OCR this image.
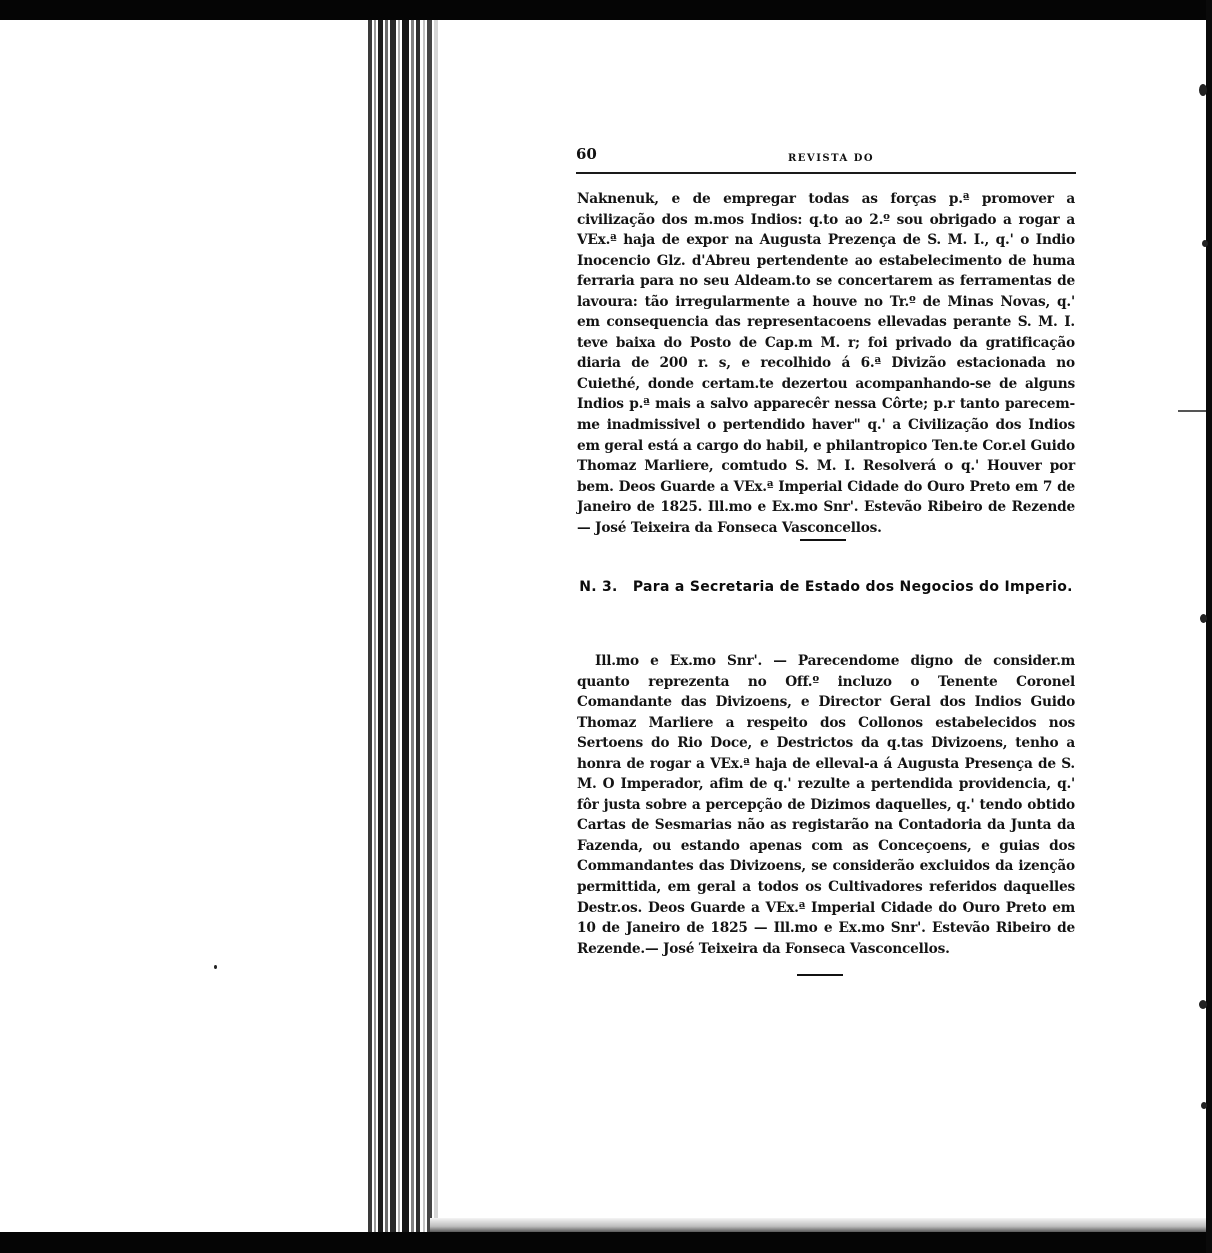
60	REVISTA DO

Naknenuk, e de empregar todas as forças p.ª promover a civilização dos m.mos Indios: q.to ao 2.º sou obrigado a rogar a VEx.ª haja de expor na Augusta Prezença de S. M. I., q.' o Indio Inocencio Glz. d'Abreu pertendente ao estabelecimento de huma ferraria para no seu Aldeam.to se concertarem as ferramentas de lavoura: tão irregularmente a houve no Tr.º de Minas Novas, q.' em consequencia das representacoens ellevadas perante S. M. I. teve baixa do Posto de Cap.m M. r; foi privado da gratificação diaria de 200 r. s, e recolhido á 6.ª Divizão estacionada no Cuiethé, donde certam.te dezertou acompanhando-se de alguns Indios p.ª mais a salvo apparecêr nessa Côrte; p.r tanto parecem-me inadmissivel o pertendido haver" q.' a Civilização dos Indios em geral está a cargo do habil, e philantropico Ten.te Cor.el Guido Thomaz Marliere, comtudo S. M. I. Resolverá o q.' Houver por bem. Deos Guarde a VEx.ª Imperial Cidade do Ouro Preto em 7 de Janeiro de 1825. Ill.mo e Ex.mo Snr'. Estevão Ribeiro de Rezende — José Teixeira da Fonseca Vasconcellos.

N. 3. Para a Secretaria de Estado dos Negocios do Imperio.

Ill.mo e Ex.mo Snr'. — Parecendome digno de consider.m quanto reprezenta no Off.º incluzo o Tenente Coronel Comandante das Divizoens, e Director Geral dos Indios Guido Thomaz Marliere a respeito dos Collonos estabelecidos nos Sertoens do Rio Doce, e Destrictos da q.tas Divizoens, tenho a honra de rogar a VEx.ª haja de elleval-a á Augusta Presença de S. M. O Imperador, afim de q.' rezulte a pertendida providencia, q.' fôr justa sobre a percepção de Dizimos daquelles, q.' tendo obtido Cartas de Sesmarias não as registarão na Contadoria da Junta da Fazenda, ou estando apenas com as Conceçoens, e guias dos Commandantes das Divizoens, se considerão excluidos da izenção permittida, em geral a todos os Cultivadores referidos daquelles Destr.os. Deos Guarde a VEx.ª Imperial Cidade do Ouro Preto em 10 de Janeiro de 1825 — Ill.mo e Ex.mo Snr'. Estevão Ribeiro de Rezende.— José Teixeira da Fonseca Vasconcellos.
